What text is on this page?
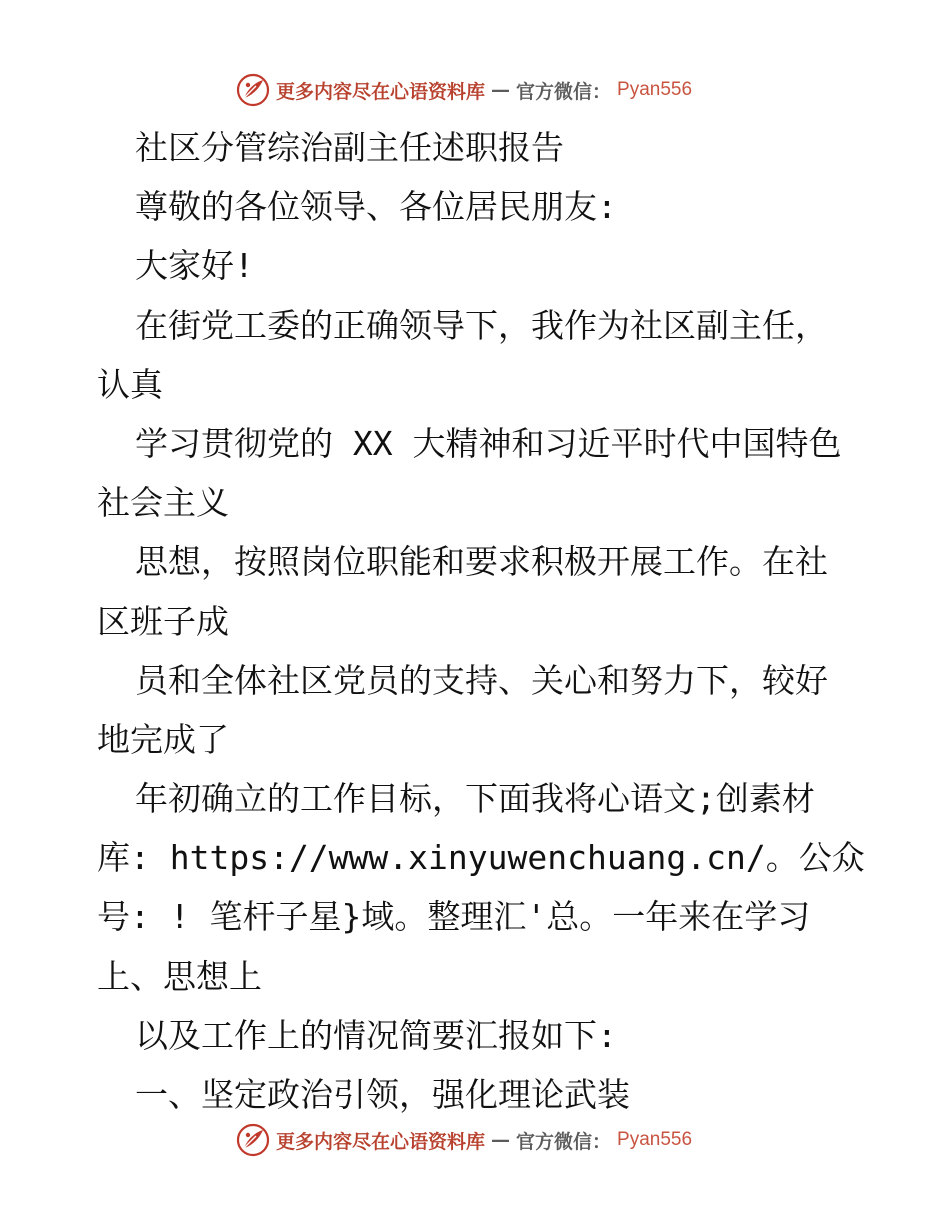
更多内容尽在心语资料库 — 官方微信： Pyan556
社区分管综治副主任述职报告
尊敬的各位领导、各位居民朋友:
大家好!
在街党工委的正确领导下，我作为社区副主任，
认真
学习贯彻党的 XX 大精神和习近平时代中国特色
社会主义
思想，按照岗位职能和要求积极开展工作。在社
区班子成
员和全体社区党员的支持、关心和努力下，较好
地完成了
年初确立的工作目标，下面我将心语文;创素材
库: https://www.xinyuwenchuang.cn/。公众
号: ! 笔杆子星}域。整理汇'总。一年来在学习
上、思想上
以及工作上的情况简要汇报如下:
一、坚定政治引领，强化理论武装
更多内容尽在心语资料库 — 官方微信： Pyan556
